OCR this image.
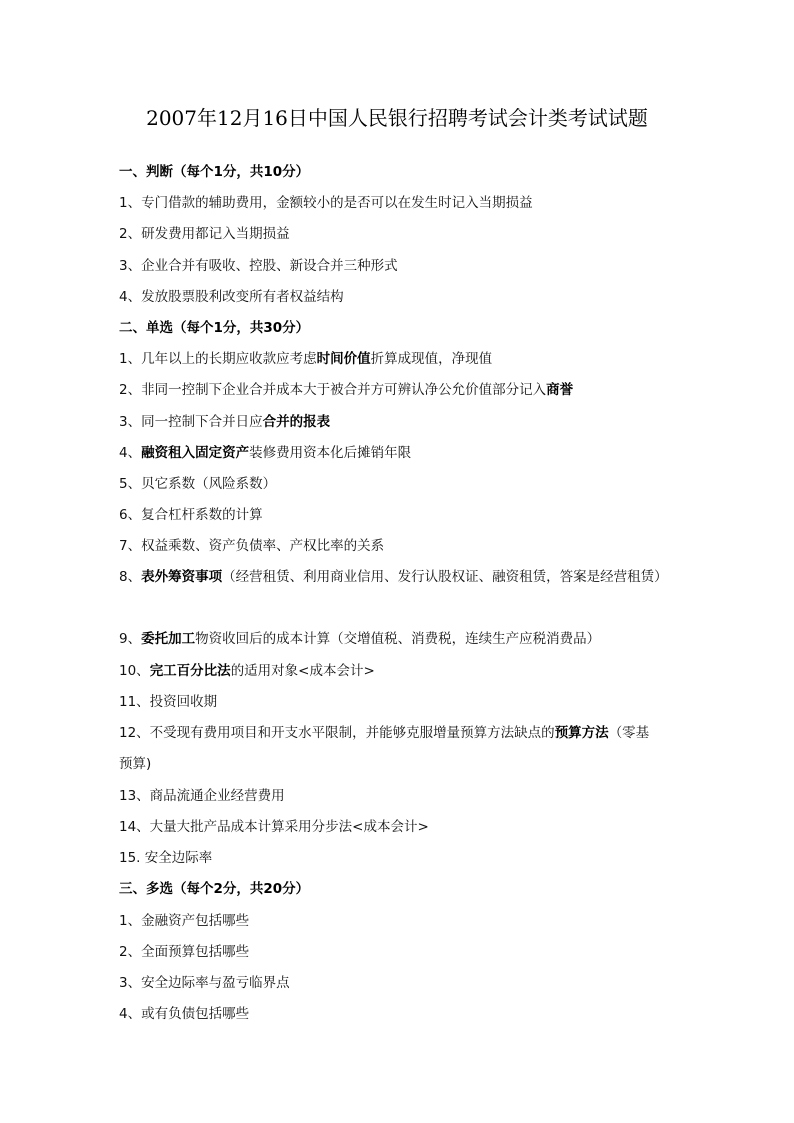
2007年12月16日中国人民银行招聘考试会计类考试试题
一、判断（每个1分，共10分）
1、专门借款的辅助费用，金额较小的是否可以在发生时记入当期损益
2、研发费用都记入当期损益
3、企业合并有吸收、控股、新设合并三种形式
4、发放股票股利改变所有者权益结构
二、单选（每个1分，共30分）
1、几年以上的长期应收款应考虑时间价值折算成现值，净现值
2、非同一控制下企业合并成本大于被合并方可辨认净公允价值部分记入商誉
3、同一控制下合并日应合并的报表
4、融资租入固定资产装修费用资本化后摊销年限
5、贝它系数（风险系数）
6、复合杠杆系数的计算
7、权益乘数、资产负债率、产权比率的关系
8、表外筹资事项（经营租赁、利用商业信用、发行认股权证、融资租赁，答案是经营租赁）
9、委托加工物资收回后的成本计算（交增值税、消费税，连续生产应税消费品）
10、完工百分比法的适用对象<成本会计>
11、投资回收期
12、不受现有费用项目和开支水平限制，并能够克服增量预算方法缺点的预算方法（零基
预算)
13、商品流通企业经营费用
14、大量大批产品成本计算采用分步法<成本会计>
15. 安全边际率
三、多选（每个2分，共20分）
1、金融资产包括哪些
2、全面预算包括哪些
3、安全边际率与盈亏临界点
4、或有负债包括哪些
